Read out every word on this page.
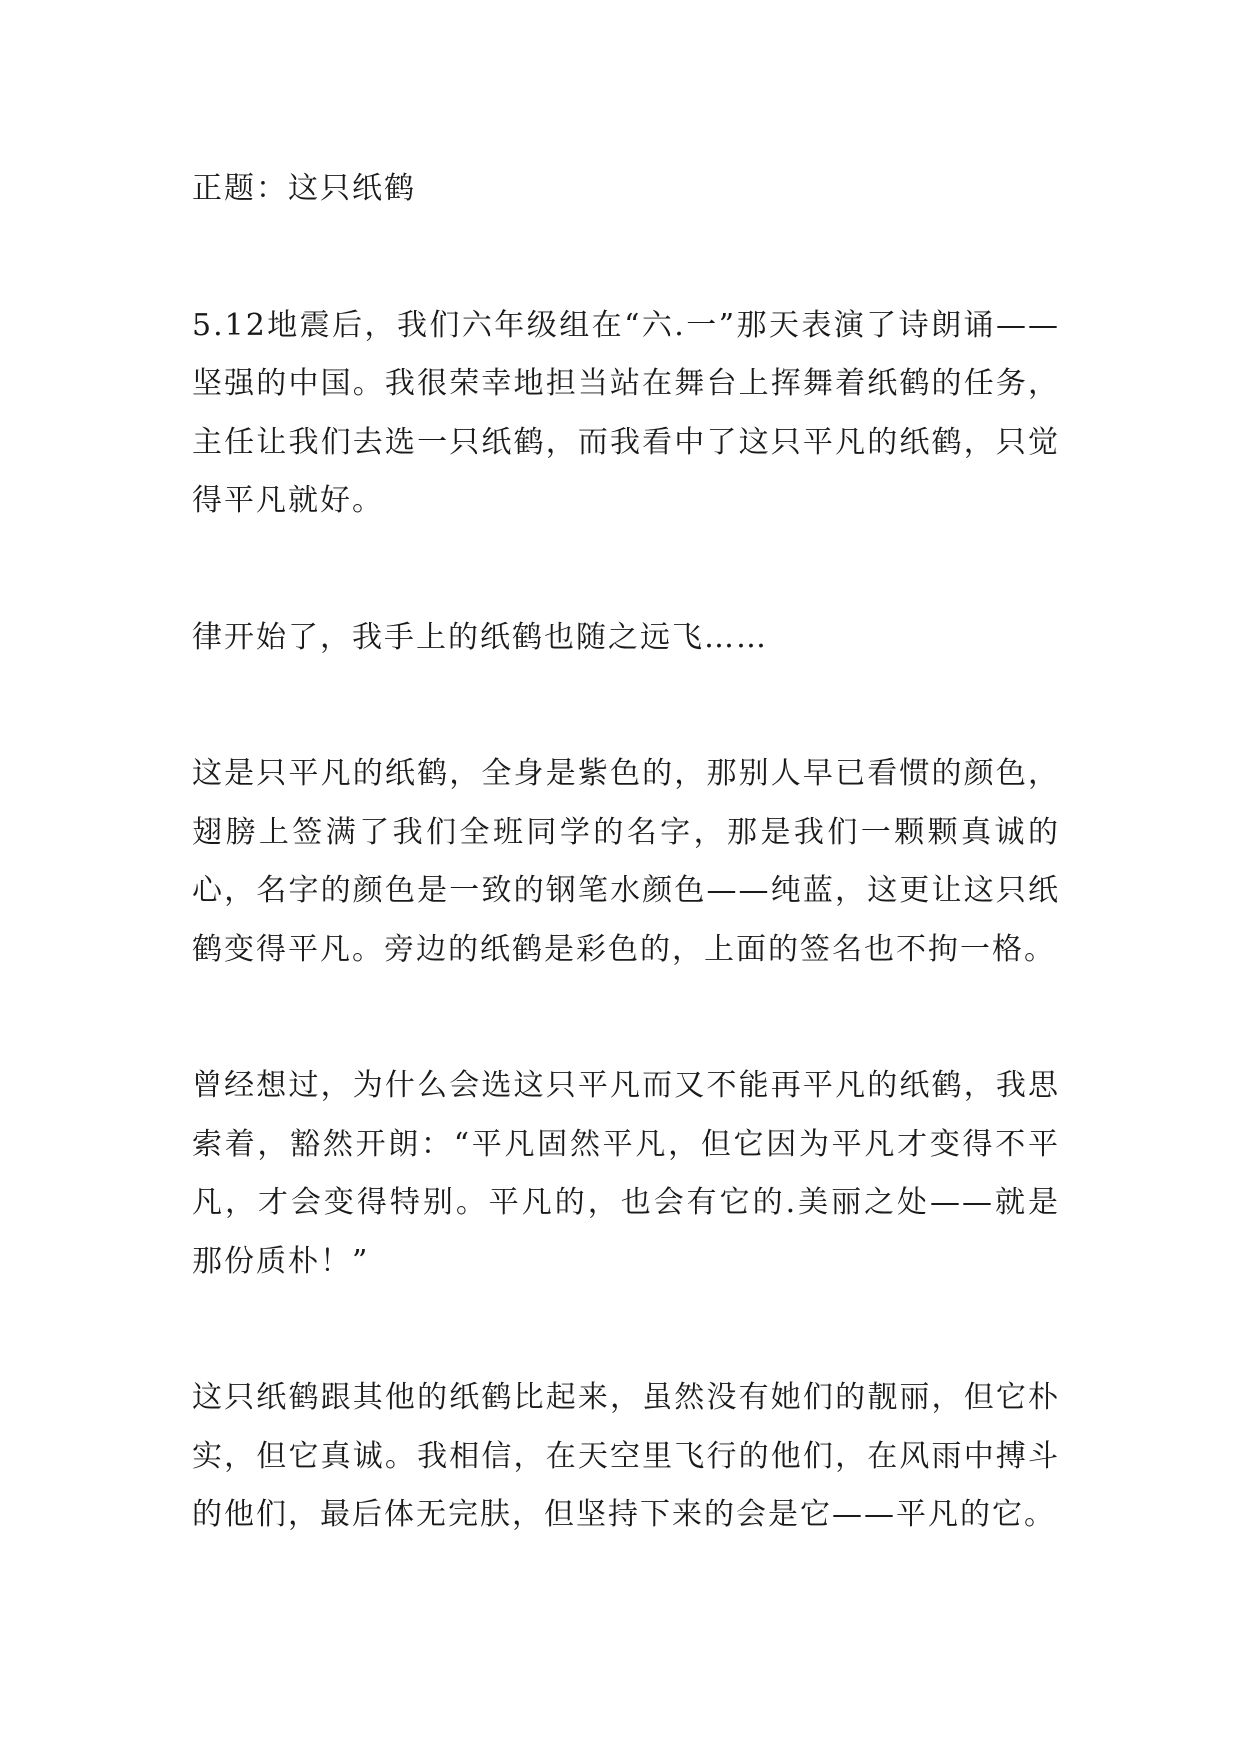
正题：这只纸鹤

5.12地震后，我们六年级组在“六.一”那天表演了诗朗诵——坚强的中国。我很荣幸地担当站在舞台上挥舞着纸鹤的任务，主任让我们去选一只纸鹤，而我看中了这只平凡的纸鹤，只觉得平凡就好。

律开始了，我手上的纸鹤也随之远飞……

这是只平凡的纸鹤，全身是紫色的，那别人早已看惯的颜色，翅膀上签满了我们全班同学的名字，那是我们一颗颗真诚的心，名字的颜色是一致的钢笔水颜色——纯蓝，这更让这只纸鹤变得平凡。旁边的纸鹤是彩色的，上面的签名也不拘一格。

曾经想过，为什么会选这只平凡而又不能再平凡的纸鹤，我思索着，豁然开朗：“平凡固然平凡，但它因为平凡才变得不平凡，才会变得特别。平凡的，也会有它的.美丽之处——就是那份质朴！”

这只纸鹤跟其他的纸鹤比起来，虽然没有她们的靓丽，但它朴实，但它真诚。我相信，在天空里飞行的他们，在风雨中搏斗的他们，最后体无完肤，但坚持下来的会是它——平凡的它。
